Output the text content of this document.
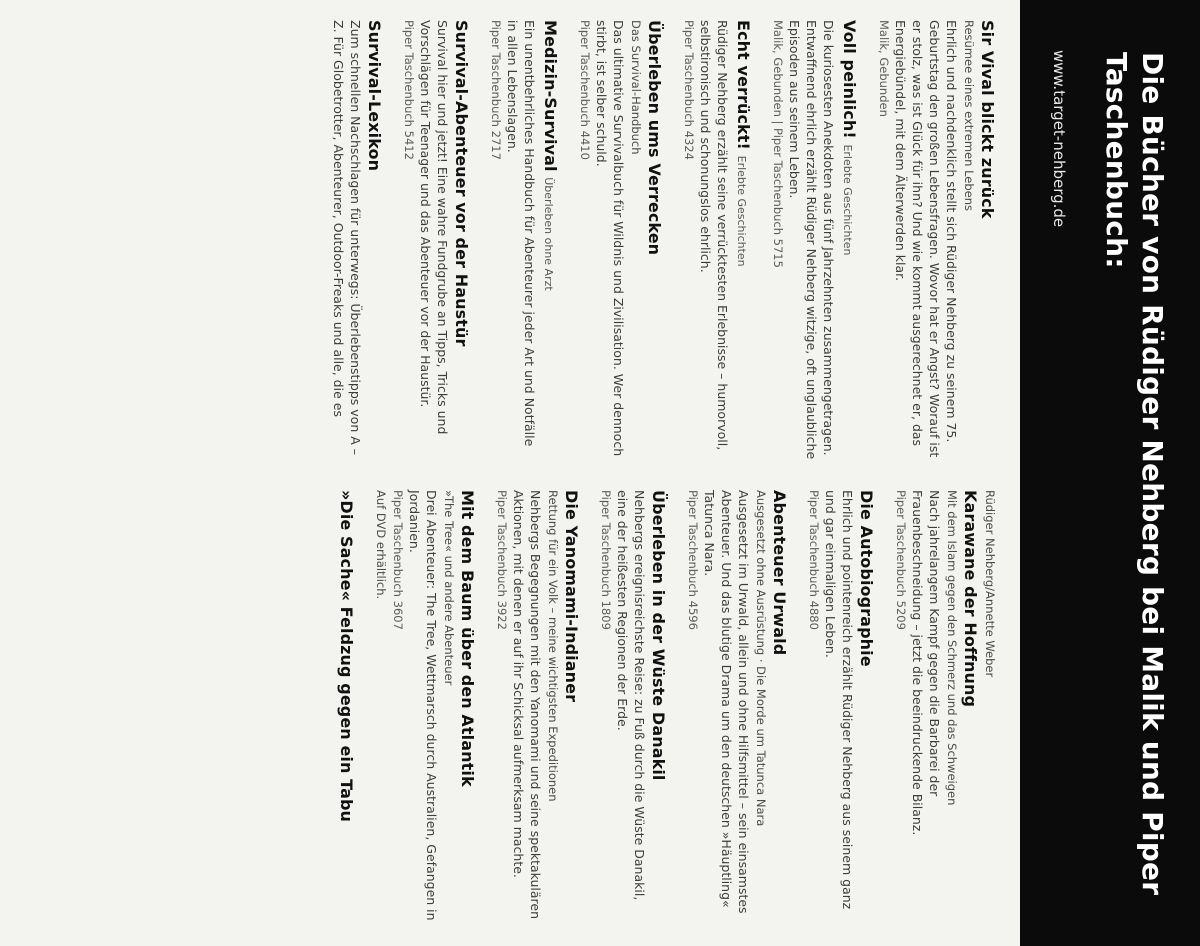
Die Bücher von Rüdiger Nehberg bei Malik und Piper Taschenbuch:
www.target-nehberg.de
Sir Vival blickt zurück
Resümee eines extremen Lebens
Ehrlich und nachdenklich stellt sich Rüdiger Nehberg zu seinem 75. Geburtstag den großen Lebensfragen. Wovor hat er Angst? Worauf ist er stolz, was ist Glück für ihn? Und wie kommt ausgerechnet er, das Energiebündel, mit dem Älterwerden klar.
Malik, Gebunden
Voll peinlich! Erlebte Geschichten
Die kuriosesten Anekdoten aus fünf Jahrzehnten zusammengetragen. Entwaffnend ehrlich erzählt Rüdiger Nehberg witzige, oft unglaubliche Episoden aus seinem Leben.
Malik, Gebunden | Piper Taschenbuch 5715
Echt verrückt! Erlebte Geschichten
Rüdiger Nehberg erzählt seine verrücktesten Erlebnisse – humorvoll, selbstironisch und schonungslos ehrlich.
Piper Taschenbuch 4324
Überleben ums Verrecken
Das Survival-Handbuch
Das ultimative Survivalbuch für Wildnis und Zivilisation. Wer dennoch stirbt, ist selber schuld.
Piper Taschenbuch 4410
Medizin-Survival Überleben ohne Arzt
Ein unentbehrliches Handbuch für Abenteurer jeder Art und Notfälle in allen Lebenslagen.
Piper Taschenbuch 2717
Survival-Abenteuer vor der Haustür
Survival hier und jetzt! Eine wahre Fundgrube an Tipps, Tricks und Vorschlägen für Teenager und das Abenteuer vor der Haustür.
Piper Taschenbuch 5412
Survival-Lexikon
Zum schnellen Nachschlagen für unterwegs: Überlebenstipps von A – Z. Für Globetrotter, Abenteurer, Outdoor-Freaks und alle, die es
Rüdiger Nehberg/Annette Weber
Karawane der Hoffnung
Mit dem Islam gegen den Schmerz und das Schweigen
Nach jahrelangem Kampf gegen die Barbarei der Frauenbeschneidung – jetzt die beeindruckende Bilanz.
Piper Taschenbuch 5209
Die Autobiographie
Ehrlich und pointenreich erzählt Rüdiger Nehberg aus seinem ganz und gar einmaligen Leben.
Piper Taschenbuch 4880
Abenteuer Urwald
Ausgesetzt ohne Ausrüstung · Die Morde um Tatunca Nara
Ausgesetzt im Urwald, allein und ohne Hilfsmittel – sein einsamstes Abenteuer. Und das blutige Drama um den deutschen »Häuptling« Tatunca Nara.
Piper Taschenbuch 4596
Überleben in der Wüste Danakil
Nehbergs ereignisreichste Reise: zu Fuß durch die Wüste Danakil, eine der heißesten Regionen der Erde.
Piper Taschenbuch 1809
Die Yanomami-Indianer
Rettung für ein Volk – meine wichtigsten Expeditionen
Nehbergs Begegnungen mit den Yanomami und seine spektakulären Aktionen, mit denen er auf ihr Schicksal aufmerksam machte.
Piper Taschenbuch 3922
Mit dem Baum über den Atlantik
»The Tree« und andere Abenteuer
Drei Abenteuer: The Tree, Wettmarsch durch Australien, Gefangen in Jordanien.
Piper Taschenbuch 3607
Auf DVD erhältlich.
»Die Sache« Feldzug gegen ein Tabu
